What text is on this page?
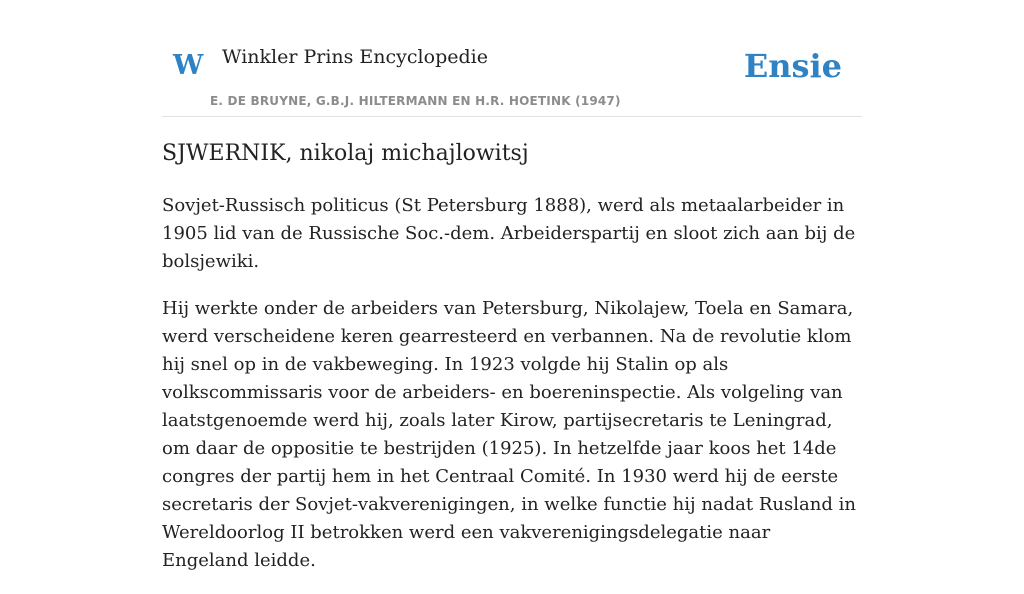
W Winkler Prins Encyclopedie
E. DE BRUYNE, G.B.J. HILTERMANN EN H.R. HOETINK (1947)
Ensie
SJWERNIK, nikolaj michajlowitsj

Sovjet-Russisch politicus (St Petersburg 1888), werd als metaalarbeider in 1905 lid van de Russische Soc.-dem. Arbeiderspartij en sloot zich aan bij de bolsjewiki.

Hij werkte onder de arbeiders van Petersburg, Nikolajew, Toela en Samara, werd verscheidene keren gearresteerd en verbannen. Na de revolutie klom hij snel op in de vakbeweging. In 1923 volgde hij Stalin op als volkscommissaris voor de arbeiders- en boereninspectie. Als volgeling van laatstgenoemde werd hij, zoals later Kirow, partijsecretaris te Leningrad, om daar de oppositie te bestrijden (1925). In hetzelfde jaar koos het 14de congres der partij hem in het Centraal Comité. In 1930 werd hij de eerste secretaris der Sovjet-vakverenigingen, in welke functie hij nadat Rusland in Wereldoorlog II betrokken werd een vakverenigingsdelegatie naar Engeland leidde.
